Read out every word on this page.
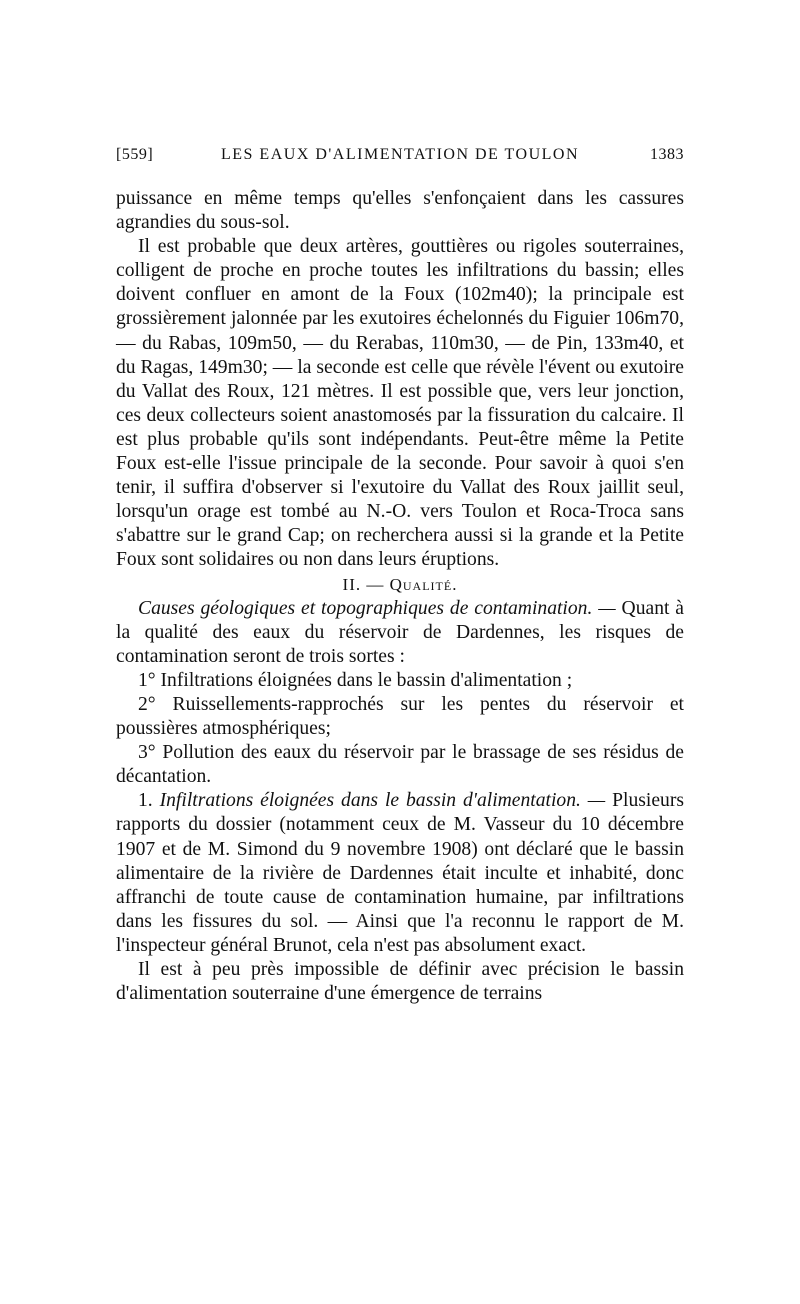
[559]	LES EAUX D'ALIMENTATION DE TOULON	1383

puissance en même temps qu'elles s'enfonçaient dans les cassures agrandies du sous-sol.

Il est probable que deux artères, gouttières ou rigoles souterraines, colligent de proche en proche toutes les infiltrations du bassin; elles doivent confluer en amont de la Foux (102m40); la principale est grossièrement jalonnée par les exutoires échelonnés du Figuier 106m70, — du Rabas, 109m50, — du Rerabas, 110m30, — de Pin, 133m40, et du Ragas, 149m30; — la seconde est celle que révèle l'évent ou exutoire du Vallat des Roux, 121 mètres. Il est possible que, vers leur jonction, ces deux collecteurs soient anastomosés par la fissuration du calcaire. Il est plus probable qu'ils sont indépendants. Peut-être même la Petite Foux est-elle l'issue principale de la seconde. Pour savoir à quoi s'en tenir, il suffira d'observer si l'exutoire du Vallat des Roux jaillit seul, lorsqu'un orage est tombé au N.-O. vers Toulon et Roca-Troca sans s'abattre sur le grand Cap; on recherchera aussi si la grande et la Petite Foux sont solidaires ou non dans leurs éruptions.

II. — Qualité.

Causes géologiques et topographiques de contamination. — Quant à la qualité des eaux du réservoir de Dardennes, les risques de contamination seront de trois sortes :

1° Infiltrations éloignées dans le bassin d'alimentation ;

2° Ruissellements-rapprochés sur les pentes du réservoir et poussières atmosphériques;

3° Pollution des eaux du réservoir par le brassage de ses résidus de décantation.

1. Infiltrations éloignées dans le bassin d'alimentation. — Plusieurs rapports du dossier (notamment ceux de M. Vasseur du 10 décembre 1907 et de M. Simond du 9 novembre 1908) ont déclaré que le bassin alimentaire de la rivière de Dardennes était inculte et inhabité, donc affranchi de toute cause de contamination humaine, par infiltrations dans les fissures du sol. — Ainsi que l'a reconnu le rapport de M. l'inspecteur général Brunot, cela n'est pas absolument exact.

Il est à peu près impossible de définir avec précision le bassin d'alimentation souterraine d'une émergence de terrains
